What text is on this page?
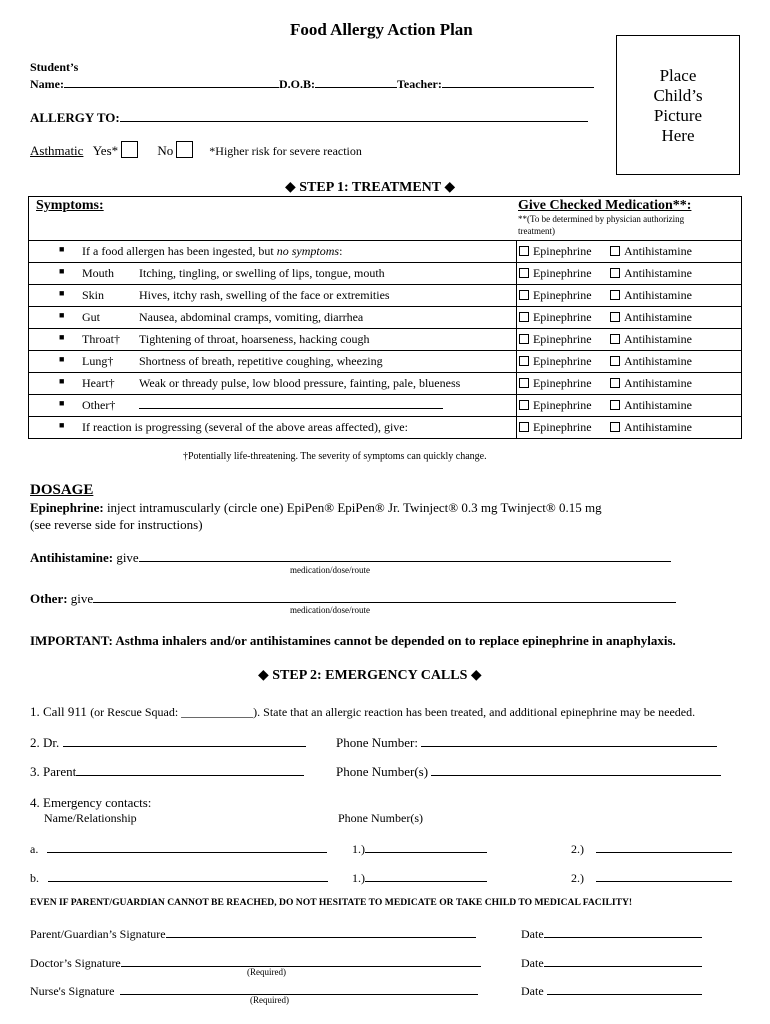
Food Allergy Action Plan
Student’s
Name:	D.O.B:	Teacher:
ALLERGY TO:
Asthmatic Yes*	No	*Higher risk for severe reaction
Place
Child’s
Picture
Here
◆ STEP 1: TREATMENT ◆
Symptoms:	Give Checked Medication**:
**(To be determined by physician authorizing
treatment)
■ If a food allergen has been ingested, but no symptoms:	Epinephrine Antihistamine

■ Mouth Itching, tingling, or swelling of lips, tongue, mouth	Epinephrine Antihistamine

■ Skin Hives, itchy rash, swelling of the face or extremities	Epinephrine Antihistamine

■ Gut Nausea, abdominal cramps, vomiting, diarrhea	Epinephrine Antihistamine

■ Throat† Tightening of throat, hoarseness, hacking cough	Epinephrine Antihistamine

■ Lung† Shortness of breath, repetitive coughing, wheezing	Epinephrine Antihistamine

■ Heart† Weak or thready pulse, low blood pressure, fainting, pale, blueness	Epinephrine Antihistamine

■ Other†	Epinephrine Antihistamine

■ If reaction is progressing (several of the above areas affected), give:	Epinephrine Antihistamine
†Potentially life-threatening. The severity of symptoms can quickly change.
DOSAGE
Epinephrine: inject intramuscularly (circle one) EpiPen® EpiPen® Jr. Twinject® 0.3 mg Twinject® 0.15 mg
(see reverse side for instructions)
Antihistamine: give
medication/dose/route
Other: give
medication/dose/route
IMPORTANT: Asthma inhalers and/or antihistamines cannot be depended on to replace epinephrine in anaphylaxis.
◆ STEP 2: EMERGENCY CALLS ◆
1. Call 911 (or Rescue Squad: ____________). State that an allergic reaction has been treated, and additional epinephrine may be needed.
2. Dr.	Phone Number:
3. Parent	Phone Number(s)
4. Emergency contacts:
Name/Relationship	Phone Number(s)
a.	1.)	2.)
b.	1.)	2.)
EVEN IF PARENT/GUARDIAN CANNOT BE REACHED, DO NOT HESITATE TO MEDICATE OR TAKE CHILD TO MEDICAL FACILITY!
Parent/Guardian’s Signature	Date
Doctor’s Signature	Date
(Required)
Nurse's Signature	Date
(Required)
